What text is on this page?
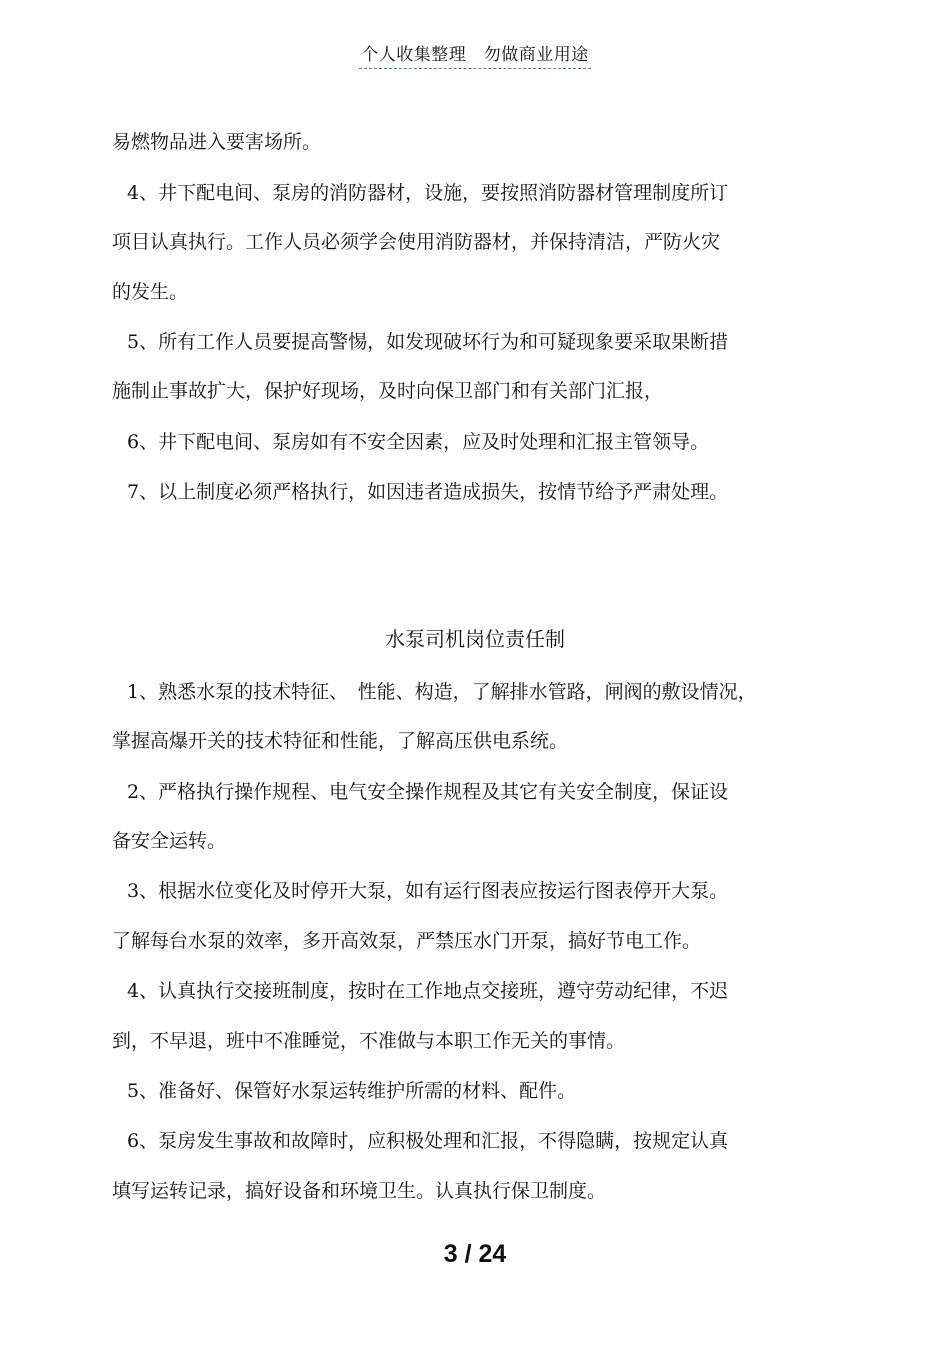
个人收集整理　勿做商业用途
易燃物品进入要害场所。
4、井下配电间、泵房的消防器材，设施，要按照消防器材管理制度所订
项目认真执行。工作人员必须学会使用消防器材，并保持清洁，严防火灾
的发生。
5、所有工作人员要提高警惕，如发现破坏行为和可疑现象要采取果断措
施制止事故扩大，保护好现场，及时向保卫部门和有关部门汇报，
6、井下配电间、泵房如有不安全因素，应及时处理和汇报主管领导。
7、以上制度必须严格执行，如因违者造成损失，按情节给予严肃处理。
水泵司机岗位责任制
1、熟悉水泵的技术特征、　性能、构造，了解排水管路，闸阀的敷设情况，
掌握高爆开关的技术特征和性能，了解高压供电系统。
2、严格执行操作规程、电气安全操作规程及其它有关安全制度，保证设
备安全运转。
3、根据水位变化及时停开大泵，如有运行图表应按运行图表停开大泵。
了解每台水泵的效率，多开高效泵，严禁压水门开泵，搞好节电工作。
4、认真执行交接班制度，按时在工作地点交接班，遵守劳动纪律，不迟
到，不早退，班中不准睡觉，不准做与本职工作无关的事情。
5、准备好、保管好水泵运转维护所需的材料、配件。
6、泵房发生事故和故障时，应积极处理和汇报，不得隐瞒，按规定认真
填写运转记录，搞好设备和环境卫生。认真执行保卫制度。
3 / 24
